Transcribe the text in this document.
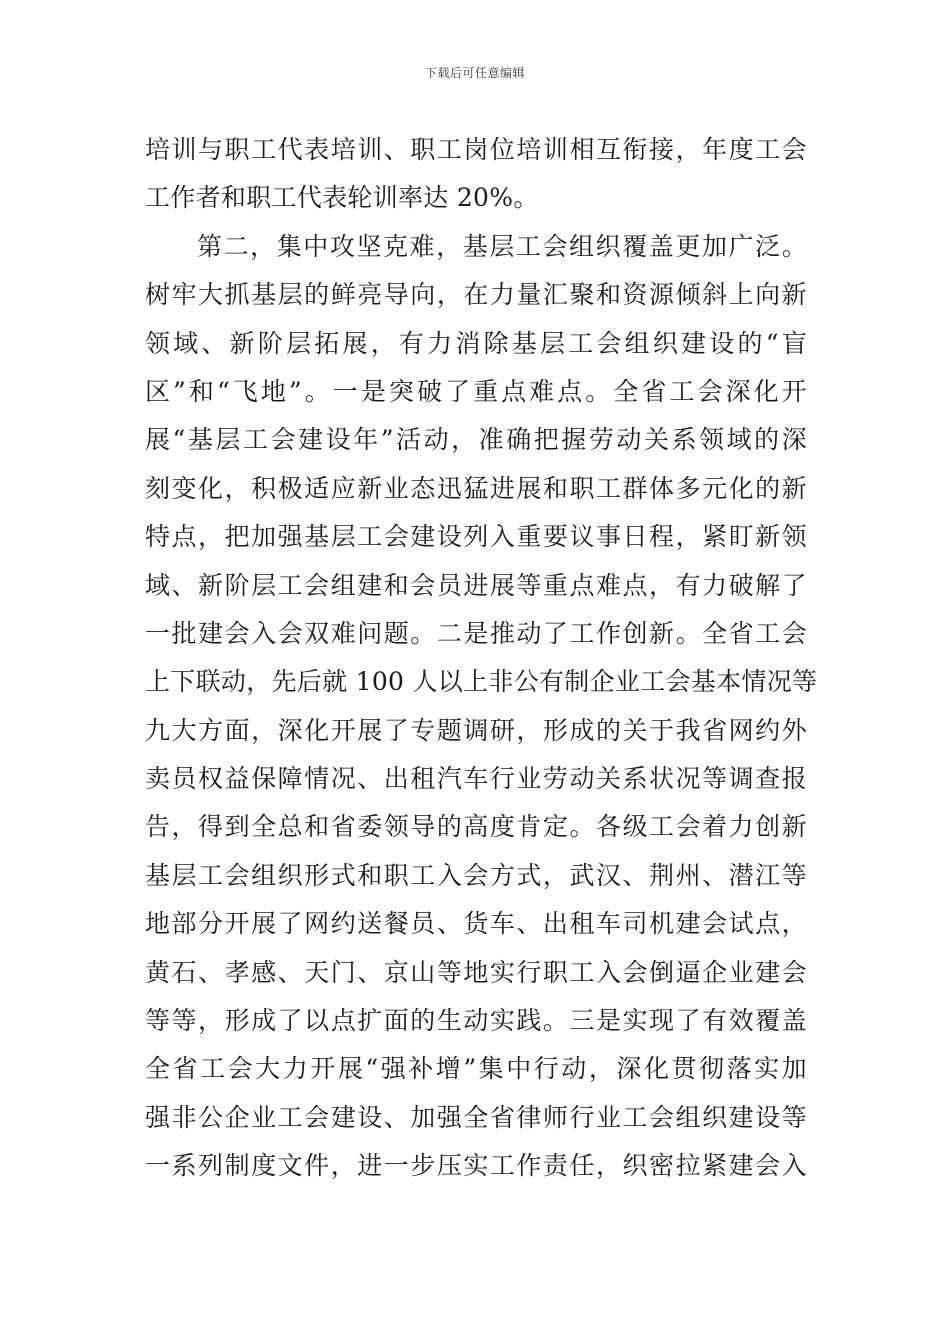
下载后可任意编辑
培训与职工代表培训、职工岗位培训相互衔接，年度工会
工作者和职工代表轮训率达 20%。
第二，集中攻坚克难，基层工会组织覆盖更加广泛。
树牢大抓基层的鲜亮导向，在力量汇聚和资源倾斜上向新
领域、新阶层拓展，有力消除基层工会组织建设的“盲
区”和“飞地”。一是突破了重点难点。全省工会深化开
展“基层工会建设年”活动，准确把握劳动关系领域的深
刻变化，积极适应新业态迅猛进展和职工群体多元化的新
特点，把加强基层工会建设列入重要议事日程，紧盯新领
域、新阶层工会组建和会员进展等重点难点，有力破解了
一批建会入会双难问题。二是推动了工作创新。全省工会
上下联动，先后就 100 人以上非公有制企业工会基本情况等
九大方面，深化开展了专题调研，形成的关于我省网约外
卖员权益保障情况、出租汽车行业劳动关系状况等调查报
告，得到全总和省委领导的高度肯定。各级工会着力创新
基层工会组织形式和职工入会方式，武汉、荆州、潜江等
地部分开展了网约送餐员、货车、出租车司机建会试点，
黄石、孝感、天门、京山等地实行职工入会倒逼企业建会
等等，形成了以点扩面的生动实践。三是实现了有效覆盖
全省工会大力开展“强补增”集中行动，深化贯彻落实加
强非公企业工会建设、加强全省律师行业工会组织建设等
一系列制度文件，进一步压实工作责任，织密拉紧建会入
